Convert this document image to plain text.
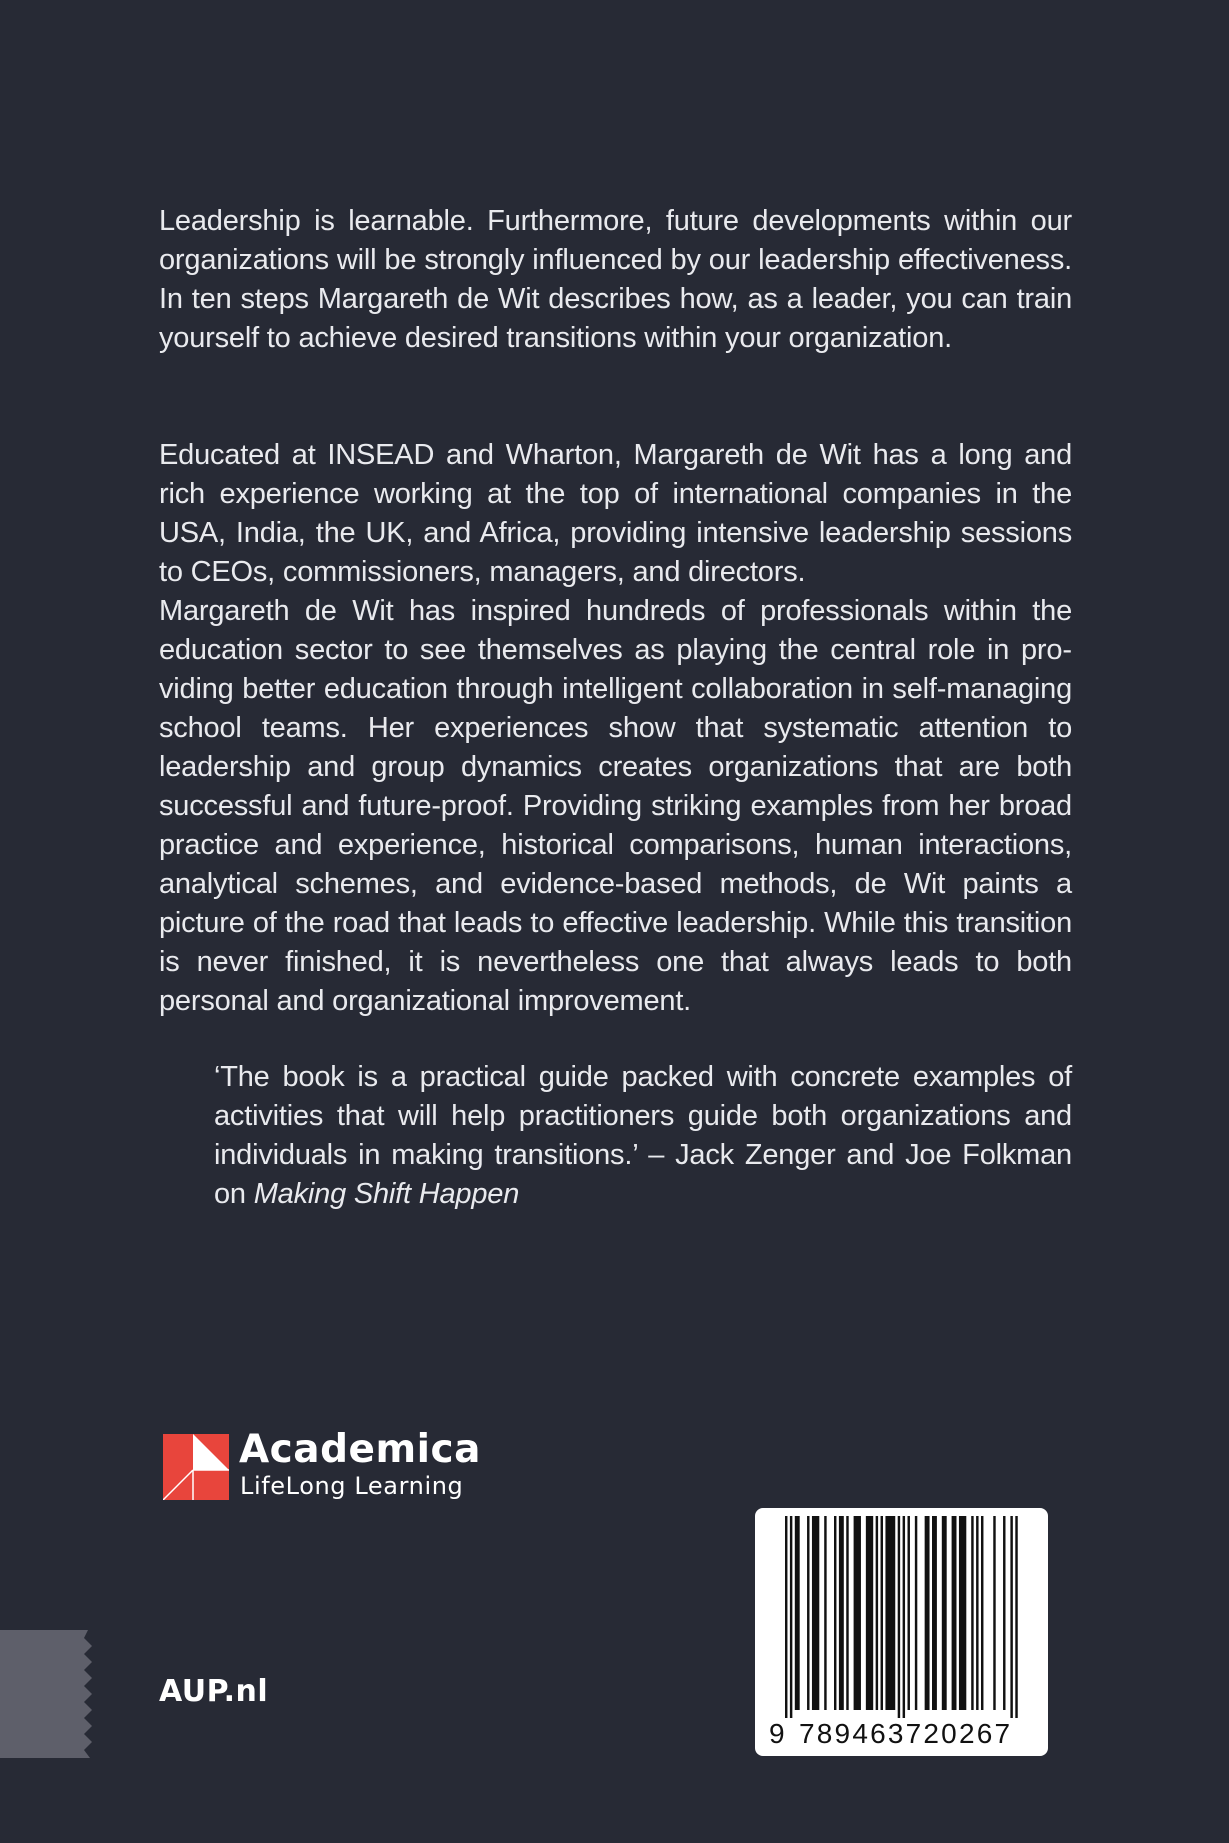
Leadership is learnable. Furthermore, future developments within our organizations will be strongly influenced by our leadership effectiveness. In ten steps Margareth de Wit describes how, as a leader, you can train yourself to achieve desired transitions within your organization.

Educated at INSEAD and Wharton, Margareth de Wit has a long and rich experience working at the top of international companies in the USA, India, the UK, and Africa, providing intensive leadership sessions to CEOs, commissioners, managers, and directors.

Margareth de Wit has inspired hundreds of professionals within the education sector to see themselves as playing the central role in providing better education through intelligent collaboration in self-managing school teams. Her experiences show that systematic attention to leadership and group dynamics creates organizations that are both successful and future-proof. Providing striking examples from her broad practice and experience, historical comparisons, human interactions, analytical schemes, and evidence-based methods, de Wit paints a picture of the road that leads to effective leadership. While this transition is never finished, it is nevertheless one that always leads to both personal and organizational improvement.

‘The book is a practical guide packed with concrete examples of activities that will help practitioners guide both organizations and individuals in making transitions.’ – Jack Zenger and Joe Folkman on Making Shift Happen
Academica
LifeLong Learning
AUP.nl
9 789463720267
